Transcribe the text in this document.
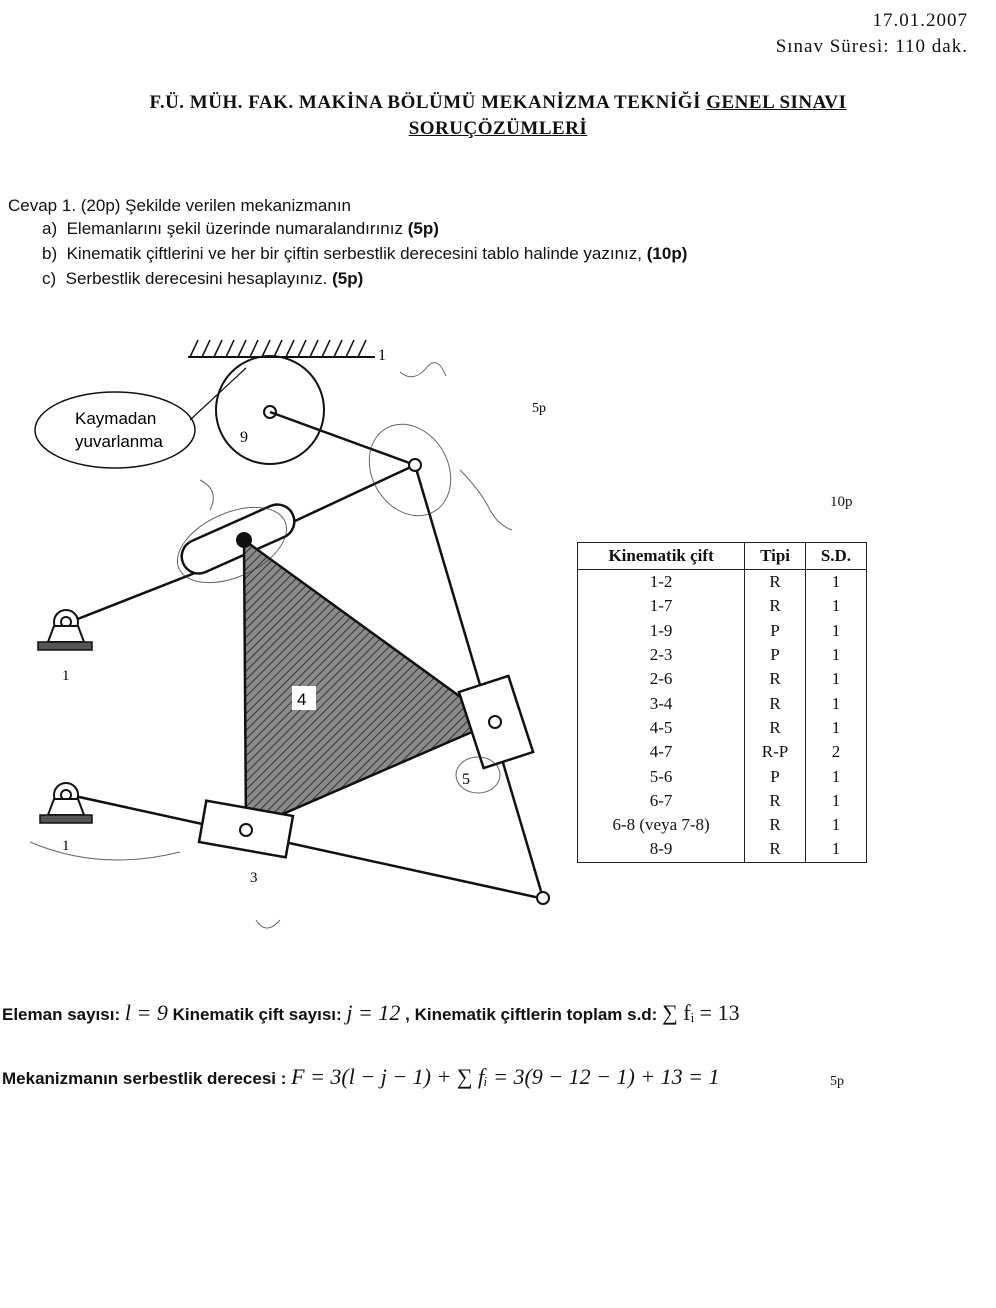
17.01.2007
Sınav Süresi: 110 dak.
F.Ü. MÜH. FAK. MAKİNA BÖLÜMÜ MEKANİZMA TEKNİĞİ GENEL SINAVI
SORUÇÖZÜMLERİ
Cevap 1. (20p) Şekilde verilen mekanizmanın
a) Elemanlarını şekil üzerinde numaralandırınız (5p)
b) Kinematik çiftlerini ve her bir çiftin serbestlik derecesini tablo halinde yazınız, (10p)
c) Serbestlik derecesini hesaplayınız. (5p)
9
Kaymadan
yuvarlanma
4
5
3
1
1
1
5p
10p
Kinematik çift	Tipi	S.D.
1-2	R	1
1-7	R	1
1-9	P	1
2-3	P	1
2-6	R	1
3-4	R	1
4-5	R	1
4-7	R-P	2
5-6	P	1
6-7	R	1
6-8 (veya 7-8)	R	1
8-9	R	1
Eleman sayısı: l = 9 Kinematik çift sayısı: j = 12 , Kinematik çiftlerin toplam s.d: ∑ fᵢ = 13
Mekanizmanın serbestlik derecesi : F = 3(l − j − 1) + ∑ fᵢ = 3(9 − 12 − 1) + 13 = 1	5p
